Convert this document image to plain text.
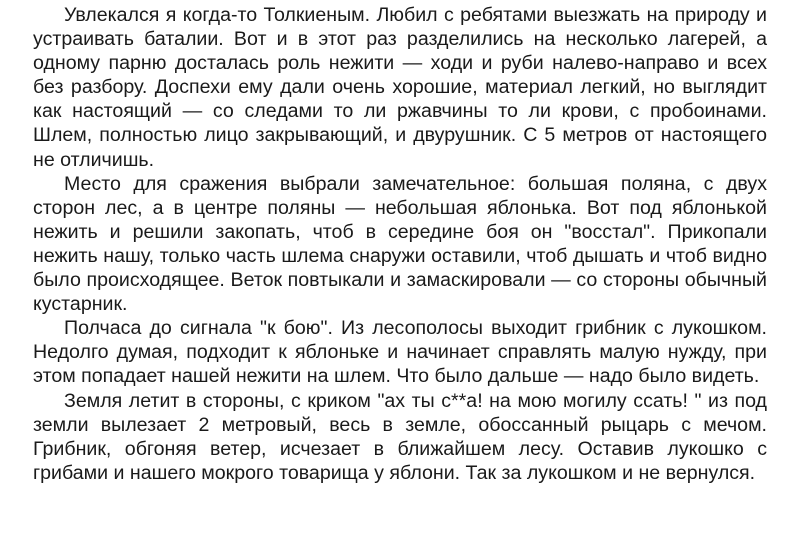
Увлекался я когда-то Толкиеным. Любил с ребятами выезжать на природу и устраивать баталии. Вот и в этот раз разделились на несколько лагерей, а одному парню досталась роль нежити — ходи и руби налево-направо и всех без разбору. Доспехи ему дали очень хорошие, материал легкий, но выглядит как настоящий — со следами то ли ржавчины то ли крови, с пробоинами. Шлем, полностью лицо закрывающий, и двурушник. С 5 метров от настоящего не отличишь.

Место для сражения выбрали замечательное: большая поляна, с двух сторон лес, а в центре поляны — небольшая яблонька. Вот под яблонькой нежить и решили закопать, чтоб в середине боя он "восстал". Прикопали нежить нашу, только часть шлема снаружи оставили, чтоб дышать и чтоб видно было происходящее. Веток повтыкали и замаскировали — со стороны обычный кустарник.

Полчаса до сигнала "к бою". Из лесополосы выходит грибник с лукошком. Недолго думая, подходит к яблоньке и начинает справлять малую нужду, при этом попадает нашей нежити на шлем. Что было дальше — надо было видеть.

Земля летит в стороны, с криком "ах ты с**а! на мою могилу ссать! " из под земли вылезает 2 метровый, весь в земле, обоссанный рыцарь с мечом. Грибник, обгоняя ветер, исчезает в ближайшем лесу. Оставив лукошко с грибами и нашего мокрого товарища у яблони. Так за лукошком и не вернулся.
